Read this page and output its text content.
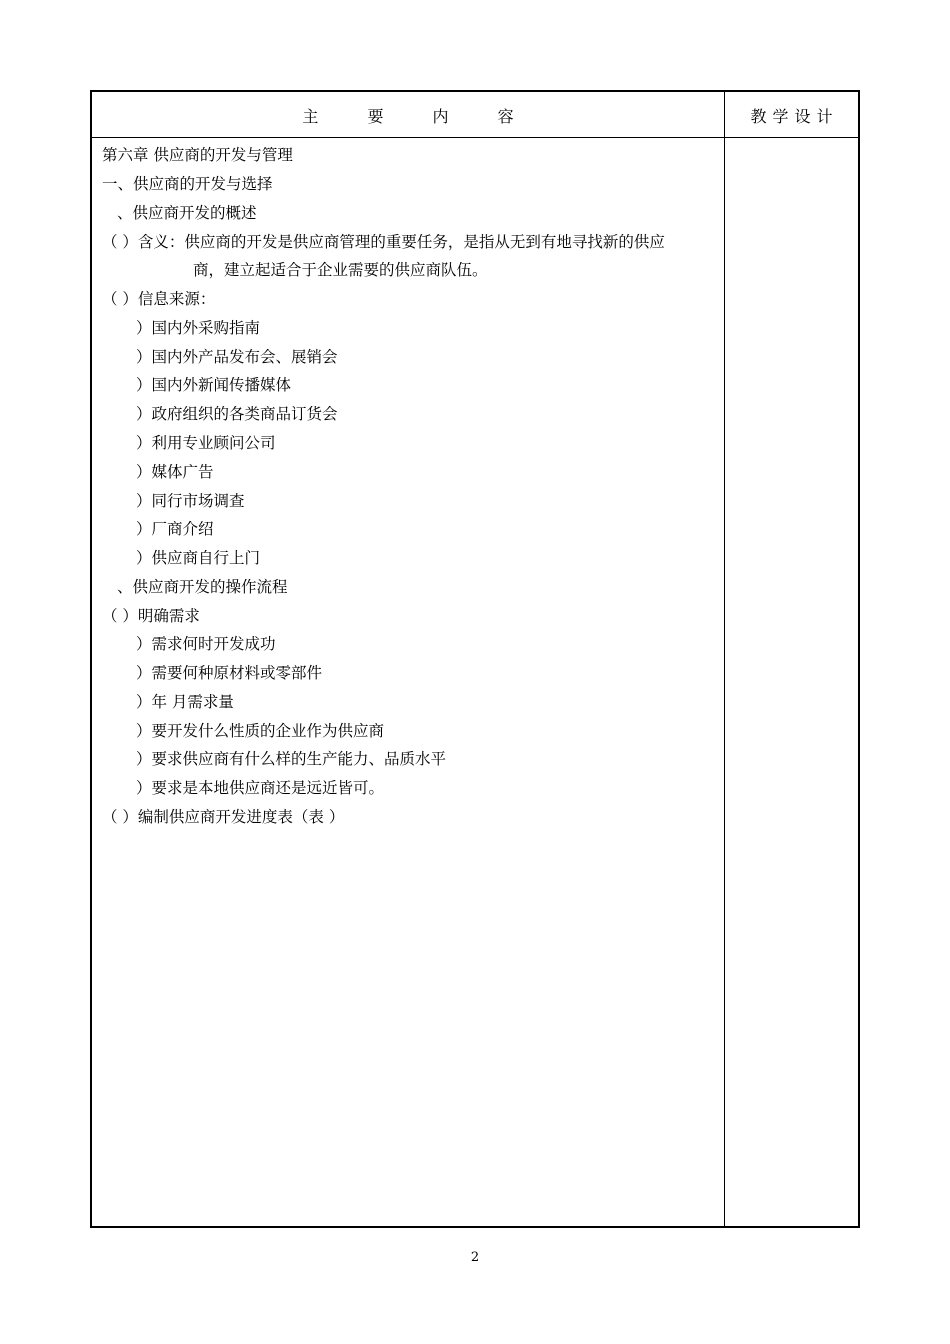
主 要 内 容	教学设计
第六章 供应商的开发与管理
一、供应商的开发与选择
、供应商开发的概述
（ ）含义：供应商的开发是供应商管理的重要任务，是指从无到有地寻找新的供应
商，建立起适合于企业需要的供应商队伍。
（ ）信息来源：
）国内外采购指南
）国内外产品发布会、展销会
）国内外新闻传播媒体
）政府组织的各类商品订货会
）利用专业顾问公司
）媒体广告
）同行市场调查
）厂商介绍
）供应商自行上门
、供应商开发的操作流程
（ ）明确需求
）需求何时开发成功
）需要何种原材料或零部件
）年 月需求量
）要开发什么性质的企业作为供应商
）要求供应商有什么样的生产能力、品质水平
）要求是本地供应商还是远近皆可。
（ ）编制供应商开发进度表（表 ）
2
